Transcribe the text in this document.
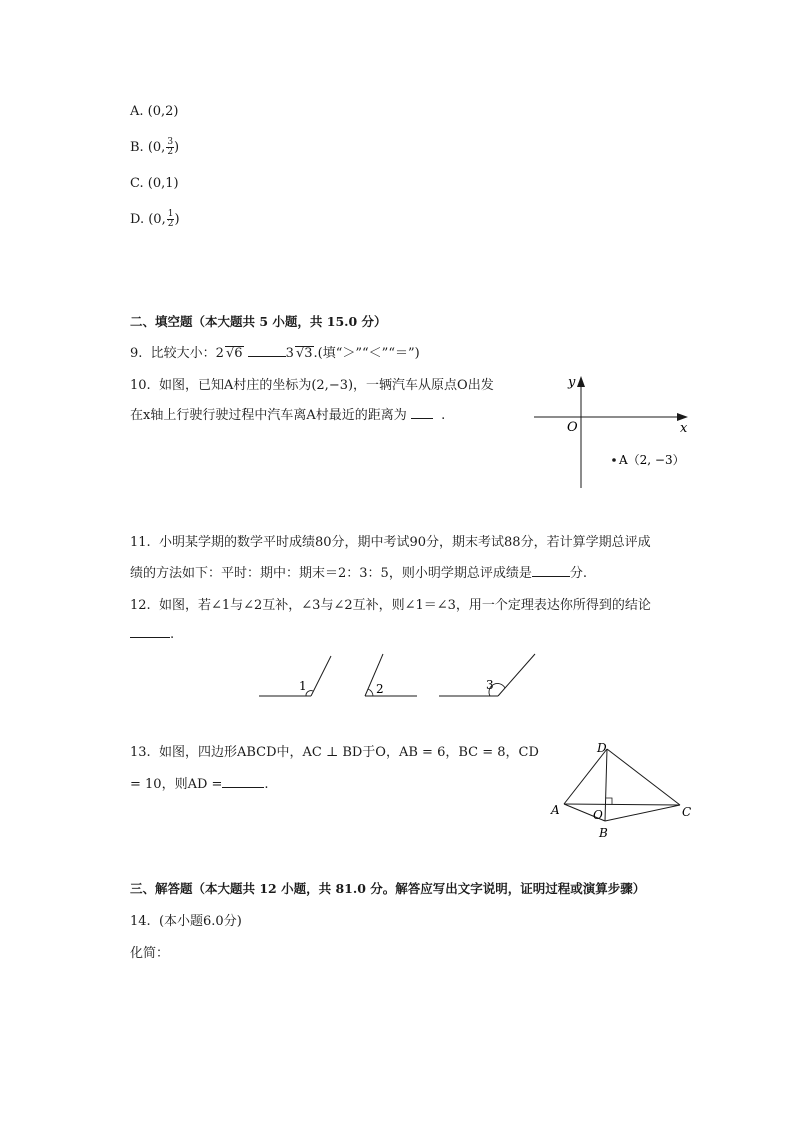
A. (0,2)
B. (0, $\frac{3}{2}$ )
C. (0,1)
D. (0, $\frac{1}{2}$ )
二、填空题（本大题共 5 小题，共 15.0 分）
9. 比较大小：2 √6	3 √3.(填“＞”“＜”“＝”)
10. 如图，已知A村庄的坐标为(2,−3)，一辆汽车从原点O出发
在x轴上行驶行驶过程中汽车离A村最近的距离为	.
y
x
O
A（2, −3）
11. 小明某学期的数学平时成绩80分，期中考试90分，期末考试88分，若计算学期总评成
绩的方法如下：平时：期中：期末＝2：3：5，则小明学期总评成绩是	分.
12. 如图，若∠1与∠2互补，∠3与∠2互补，则∠1＝∠3，用一个定理表达你所得到的结论
.
1	2	3
13. 如图，四边形ABCD中，AC ⊥ BD于O，AB = 6，BC = 8，CD
= 10，则AD =	.
D
A	C
B
O
三、解答题（本大题共 12 小题，共 81.0 分。解答应写出文字说明，证明过程或演算步骤）
14. (本小题6.0分)
化简：
